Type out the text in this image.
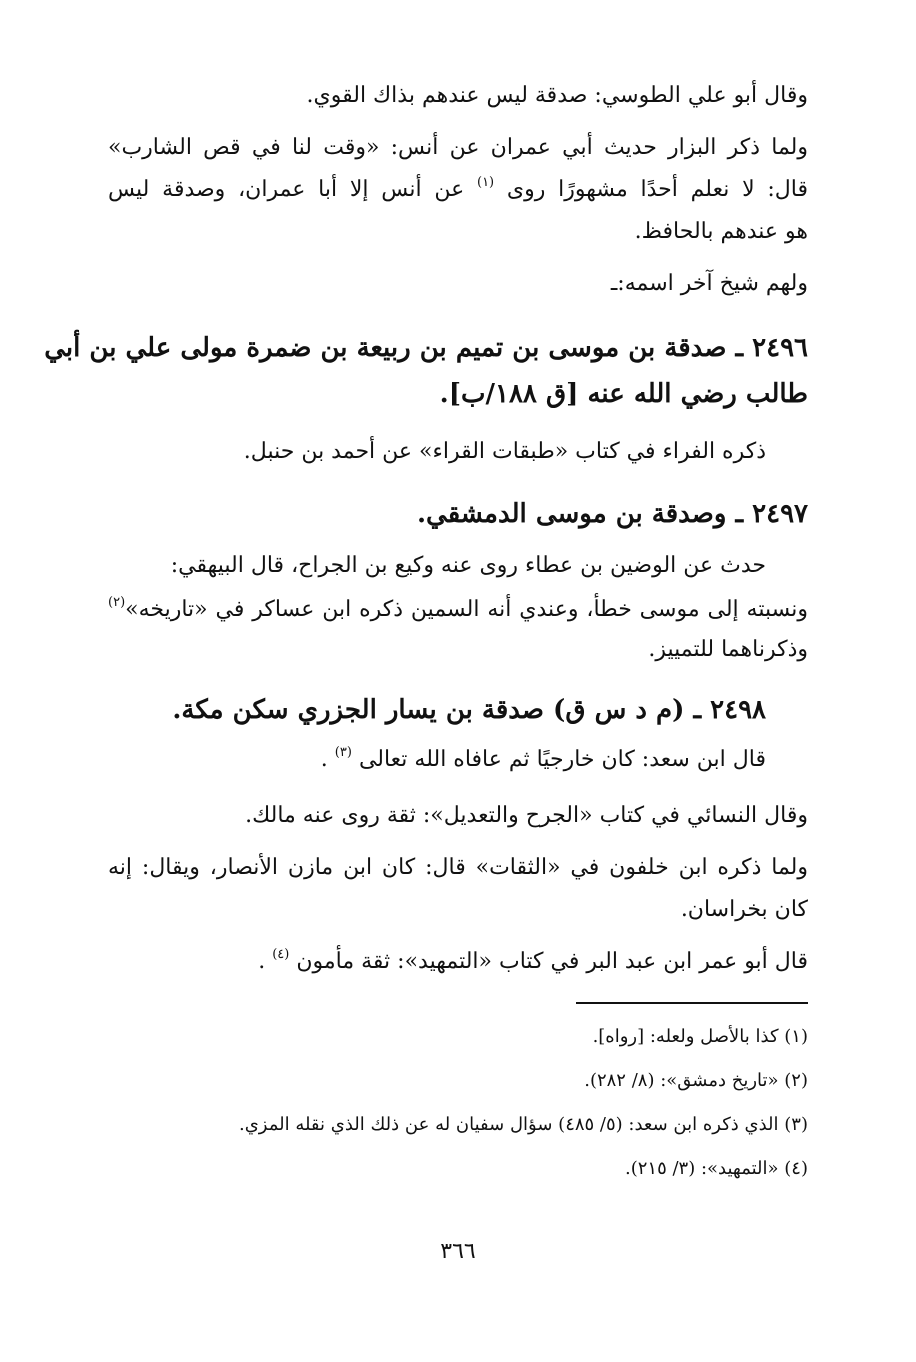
وقال أبو علي الطوسي: صدقة ليس عندهم بذاك القوي.
ولما ذكر البزار حديث أبي عمران عن أنس: «وقت لنا في قص الشارب»
قال: لا نعلم أحدًا مشهورًا روى $^{(١)}$ عن أنس إلا أبا عمران، وصدقة ليس
هو عندهم بالحافظ.
ولهم شيخ آخر اسمه:ـ
٢٤٩٦ ـ صدقة بن موسى بن تميم بن ربيعة بن ضمرة مولى علي بن أبي
طالب رضي الله عنه [ق ١٨٨/ب].
ذكره الفراء في كتاب «طبقات القراء» عن أحمد بن حنبل.
٢٤٩٧ ـ وصدقة بن موسى الدمشقي.
حدث عن الوضين بن عطاء روى عنه وكيع بن الجراح، قال البيهقي:
ونسبته إلى موسى خطأ، وعندي أنه السمين ذكره ابن عساكر في «تاريخه»$^{(٢)}$
وذكرناهما للتمييز.
٢٤٩٨ ـ (م د س ق) صدقة بن يسار الجزري سكن مكة.
قال ابن سعد: كان خارجيًا ثم عافاه الله تعالى $^{(٣)}$ .
وقال النسائي في كتاب «الجرح والتعديل»: ثقة روى عنه مالك.
ولما ذكره ابن خلفون في «الثقات» قال: كان ابن مازن الأنصار، ويقال: إنه
كان بخراسان.
قال أبو عمر ابن عبد البر في كتاب «التمهيد»: ثقة مأمون $^{(٤)}$ .
(١) كذا بالأصل ولعله: [رواه].
(٢) «تاريخ دمشق»: (٨/ ٢٨٢).
(٣) الذي ذكره ابن سعد: (٥/ ٤٨٥) سؤال سفيان له عن ذلك الذي نقله المزي.
(٤) «التمهيد»: (٣/ ٢١٥).
٣٦٦
